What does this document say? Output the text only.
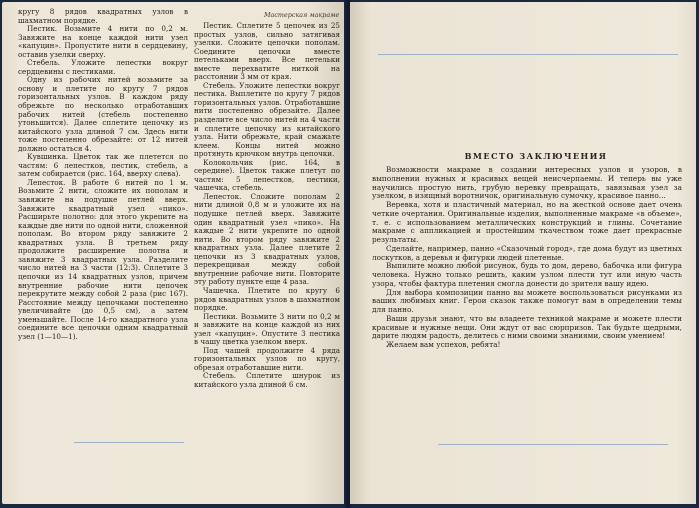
Мастерская макраме

кругу 8 рядов квадратных узлов в шахматном порядке.

Пестик. Возьмите 4 нити по 0,2 м. Завяжите на конце каждой нити узел «капуцин». Пропустите нити в сердцевину, оставив узелки сверху.

Стебель. Уложите лепестки вокруг сердцевины с пестиками.

Одну из рабочих нитей возьмите за основу и плетите по кругу 7 рядов горизонтальных узлов. В каждом ряду обрежьте по несколько отработавших рабочих нитей (стебель постепенно утоньшится). Далее сплетите цепочку из китайского узла длиной 7 см. Здесь нити тоже постепенно обрезайте: от 12 нитей должно остаться 4.

Кувшинка. Цветок так же плетется по частям: 6 лепестков, пестик, стебель, а затем собирается (рис. 164, вверху слева).

Лепесток. В работе 6 нитей по 1 м. Возьмите 2 нити, сложите их пополам и завяжите на подушке петлей вверх. Завяжите квадратный узел «пико». Расширьте полотно: для этого укрепите на каждые две нити по одной нити, сложенной пополам. Во втором ряду завяжите 2 квадратных узла. В третьем ряду продолжите расширение полотна и завяжите 3 квадратных узла. Разделите число нитей на 3 части (12:3). Сплетите 3 цепочки из 14 квадратных узлов, причем внутренние рабочие нити цепочек перекрутите между собой 2 раза (рис 167). Расстояние между цепочками постепенно увеличивайте (до 0,5 см), а затем уменьшайте. После 14-го квадратного узла соедините все цепочки одним квадратный узел (1—10—1).

Пестик. Сплетите 5 цепочек из 25 простых узлов, сильно затягивая узелки. Сложите цепочки пополам. Соедините цепочки вместе петельками вверх. Все петельки вместе перехватите ниткой на расстоянии 3 мм от края.

Стебель. Уложите лепестки вокруг пестика. Выплетите по кругу 7 рядов горизонтальных узлов. Отработавшие нити постепенно обрезайте. Далее разделите все число нитей на 4 части и сплетите цепочку из китайского узла. Нити обрежьте, край смажьте клеем. Концы нитей можно протянуть крючком внутрь цепочки.

Колокольчик (рис. 164, в середине). Цветок также плетут по частям: 5 лепестков, пестики, чашечка, стебель.

Лепесток. Сложите пополам 2 нити длиной 0,8 м и уложите их на подушке петлей вверх. Завяжите один квадратный узел «пико». На каждые 2 нити укрепите по одной нити. Во втором ряду завяжите 2 квадратных узла. Далее плетите 2 цепочки из 3 квадратных узлов, перекрещивая между собой внутренние рабочие нити. Повторите эту работу пункте еще 4 раза.

Чашечка. Плетите по кругу 6 рядов квадратных узлов в шахматном порядке.

Пестики. Возьмите 3 нити по 0,2 м и завяжите на конце каждой из них узел «капуцин». Опустите 3 пестика в чашу цветка узелком вверх.

Под чашей продолжите 4 ряда горизонтальных узлов по кругу, обрезая отработавшие нити.

Стебель. Сплетите шнурок из китайского узла длиной 6 см.

ВМЕСТО ЗАКЛЮЧЕНИЯ

Возможности макраме в создании интересных узлов и узоров, в выполнении нужных и красивых вещей неисчерпаемы. И теперь вы уже научились простую нить, грубую веревку превращать, завязывая узел за узелком, в изящный воротничок, оригинальную сумочку, красивое панно...

Веревка, хотя и пластичный материал, но на жесткой основе дает очень четкие очертания. Оригинальные изделия, выполненные макраме «в объеме», т. е. с использованием металлических конструкций и глины. Сочетание макраме с аппликацией и простейшим ткачеством тоже дает прекрасные результаты.

Сделайте, например, панно «Сказочный город», где дома будут из цветных лоскутков, а деревья и фигурки людей плетеные.

Выпилите можно любой рисунок, будь то дом, дерево, бабочка или фигура человека. Нужно только решить, каким узлом плести тут или иную часть узора, чтобы фактура плетения смогла донести до зрителя вашу идею.

Для выбора композиции панно вы можете воспользоваться рисунками из ваших любимых книг. Герои сказок также помогут вам в определении темы для панно.

Ваши друзья знают, что вы владеете техникой макраме и можете плести красивые и нужные вещи. Они ждут от вас сюрпризов. Так будьте щедрыми, дарите людям радость, делитесь с ними своими знаниями, своим умением!

Желаем вам успехов, ребята!
